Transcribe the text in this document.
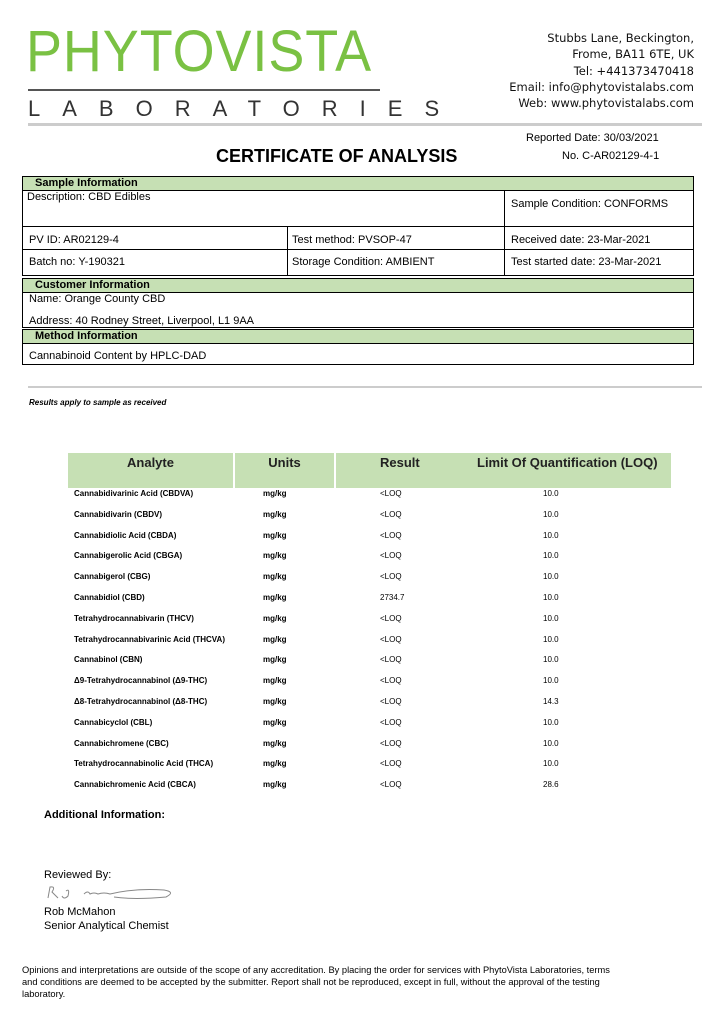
PHYTOVISTA
LABORATORIES
Stubbs Lane, Beckington,
Frome, BA11 6TE, UK
Tel: +441373470418
Email: info@phytovistalabs.com
Web: www.phytovistalabs.com
Reported Date: 30/03/2021
No. C-AR02129-4-1
CERTIFICATE OF ANALYSIS
Sample Information
Description: CBD Edibles
Sample Condition: CONFORMS
PV ID: AR02129-4	Test method: PVSOP-47	Received date: 23-Mar-2021
Batch no: Y-190321	Storage Condition: AMBIENT	Test started date: 23-Mar-2021
Customer Information
Name: Orange County CBD
Address: 40 Rodney Street, Liverpool, L1 9AA
Method Information
Cannabinoid Content by HPLC-DAD
Results apply to sample as received
Analyte	Units	Result	Limit Of Quantification (LOQ)
Cannabidivarinic Acid (CBDVA)	mg/kg	<LOQ	10.0
Cannabidivarin (CBDV)	mg/kg	<LOQ	10.0
Cannabidiolic Acid (CBDA)	mg/kg	<LOQ	10.0
Cannabigerolic Acid (CBGA)	mg/kg	<LOQ	10.0
Cannabigerol (CBG)	mg/kg	<LOQ	10.0
Cannabidiol (CBD)	mg/kg	2734.7	10.0
Tetrahydrocannabivarin (THCV)	mg/kg	<LOQ	10.0
Tetrahydrocannabivarinic Acid (THCVA)	mg/kg	<LOQ	10.0
Cannabinol (CBN)	mg/kg	<LOQ	10.0
Δ9-Tetrahydrocannabinol (Δ9-THC)	mg/kg	<LOQ	10.0
Δ8-Tetrahydrocannabinol (Δ8-THC)	mg/kg	<LOQ	14.3
Cannabicyclol (CBL)	mg/kg	<LOQ	10.0
Cannabichromene (CBC)	mg/kg	<LOQ	10.0
Tetrahydrocannabinolic Acid (THCA)	mg/kg	<LOQ	10.0
Cannabichromenic Acid (CBCA)	mg/kg	<LOQ	28.6
Additional Information:
Reviewed By:
Rob McMahon
Senior Analytical Chemist
Opinions and interpretations are outside of the scope of any accreditation. By placing the order for services with PhytoVista Laboratories, terms and conditions are deemed to be accepted by the submitter. Report shall not be reproduced, except in full, without the approval of the testing laboratory.
